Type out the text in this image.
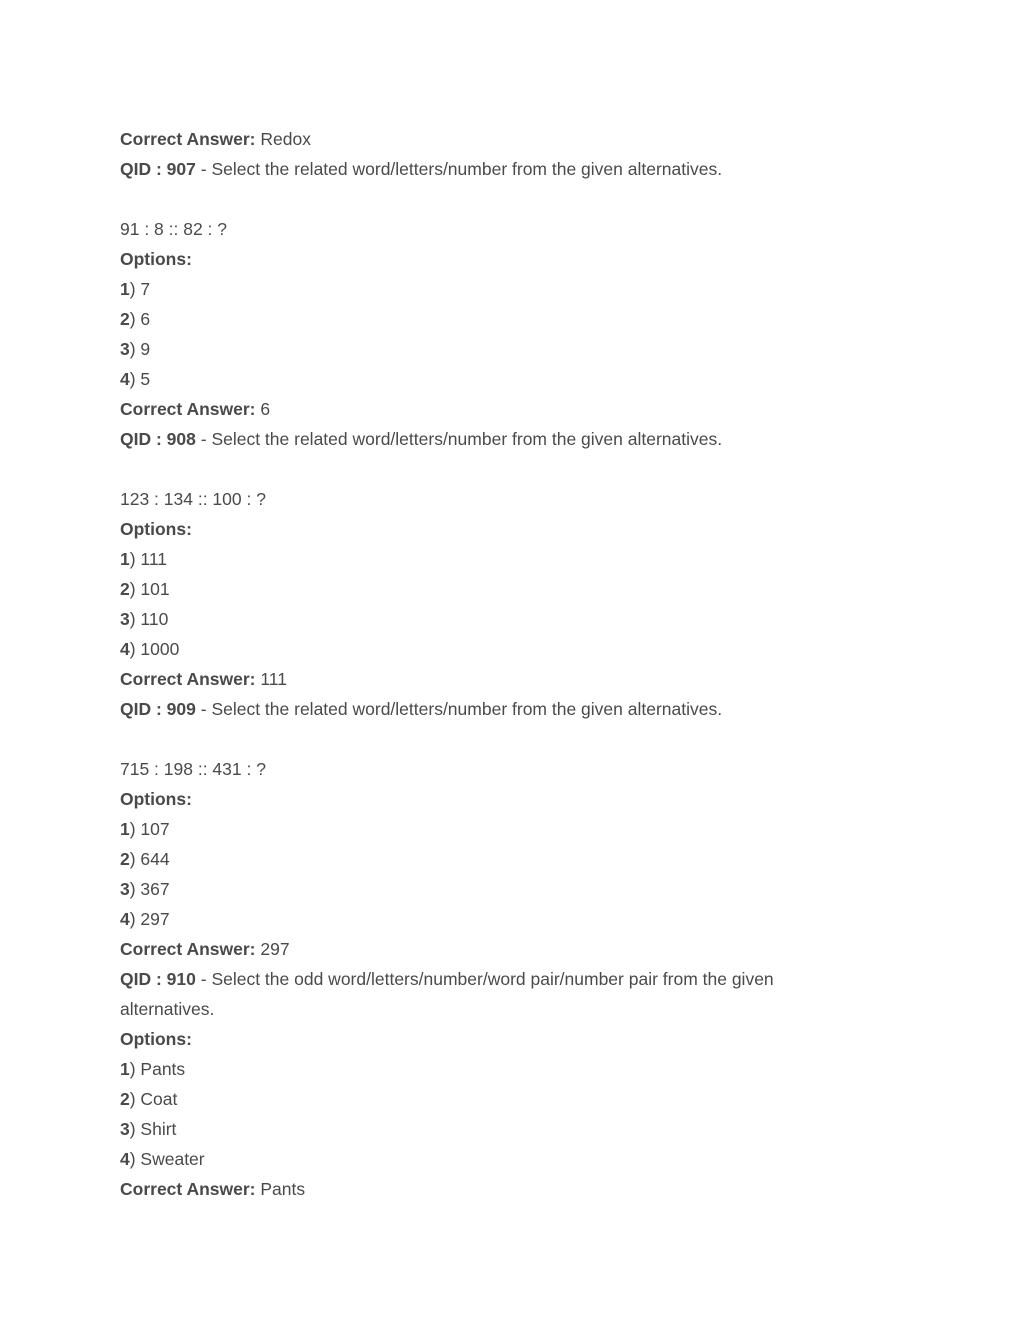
Correct Answer: Redox
QID : 907 - Select the related word/letters/number from the given alternatives.
91 : 8 :: 82 : ?
Options:
1) 7
2) 6
3) 9
4) 5
Correct Answer: 6
QID : 908 - Select the related word/letters/number from the given alternatives.
123 : 134 :: 100 : ?
Options:
1) 111
2) 101
3) 110
4) 1000
Correct Answer: 111
QID : 909 - Select the related word/letters/number from the given alternatives.
715 : 198 :: 431 : ?
Options:
1) 107
2) 644
3) 367
4) 297
Correct Answer: 297
QID : 910 - Select the odd word/letters/number/word pair/number pair from the given alternatives.
Options:
1) Pants
2) Coat
3) Shirt
4) Sweater
Correct Answer: Pants
